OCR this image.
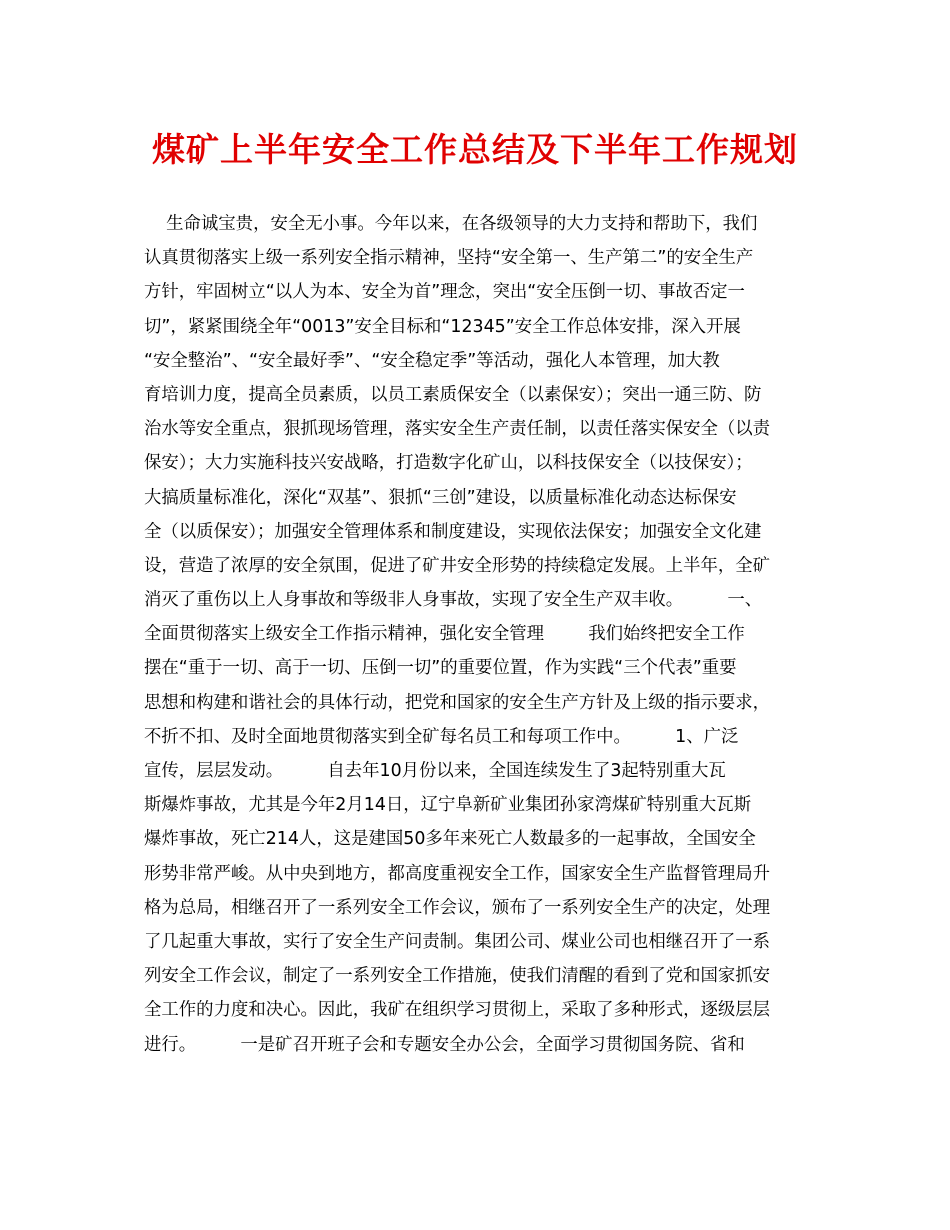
煤矿上半年安全工作总结及下半年工作规划
生命诚宝贵，安全无小事。今年以来，在各级领导的大力支持和帮助下，我们
认真贯彻落实上级一系列安全指示精神，坚持“安全第一、生产第二”的安全生产
方针，牢固树立“以人为本、安全为首”理念，突出“安全压倒一切、事故否定一
切”，紧紧围绕全年“0013”安全目标和“12345”安全工作总体安排，深入开展
“安全整治”、“安全最好季”、“安全稳定季”等活动，强化人本管理，加大教
育培训力度，提高全员素质，以员工素质保安全（以素保安）；突出一通三防、防
治水等安全重点，狠抓现场管理，落实安全生产责任制，以责任落实保安全（以责
保安）；大力实施科技兴安战略，打造数字化矿山，以科技保安全（以技保安）；
大搞质量标准化，深化“双基”、狠抓“三创”建设，以质量标准化动态达标保安
全（以质保安）；加强安全管理体系和制度建设，实现依法保安；加强安全文化建
设，营造了浓厚的安全氛围，促进了矿井安全形势的持续稳定发展。上半年，全矿
消灭了重伤以上人身事故和等级非人身事故，实现了安全生产双丰收。        一、
全面贯彻落实上级安全工作指示精神，强化安全管理        我们始终把安全工作
摆在“重于一切、高于一切、压倒一切”的重要位置，作为实践“三个代表”重要
思想和构建和谐社会的具体行动，把党和国家的安全生产方针及上级的指示要求，
不折不扣、及时全面地贯彻落实到全矿每名员工和每项工作中。        1、广泛
宣传，层层发动。        自去年10月份以来，全国连续发生了3起特别重大瓦
斯爆炸事故，尤其是今年2月14日，辽宁阜新矿业集团孙家湾煤矿特别重大瓦斯
爆炸事故，死亡214人，这是建国50多年来死亡人数最多的一起事故，全国安全
形势非常严峻。从中央到地方，都高度重视安全工作，国家安全生产监督管理局升
格为总局，相继召开了一系列安全工作会议，颁布了一系列安全生产的决定，处理
了几起重大事故，实行了安全生产问责制。集团公司、煤业公司也相继召开了一系
列安全工作会议，制定了一系列安全工作措施，使我们清醒的看到了党和国家抓安
全工作的力度和决心。因此，我矿在组织学习贯彻上，采取了多种形式，逐级层层
进行。        一是矿召开班子会和专题安全办公会，全面学习贯彻国务院、省和
